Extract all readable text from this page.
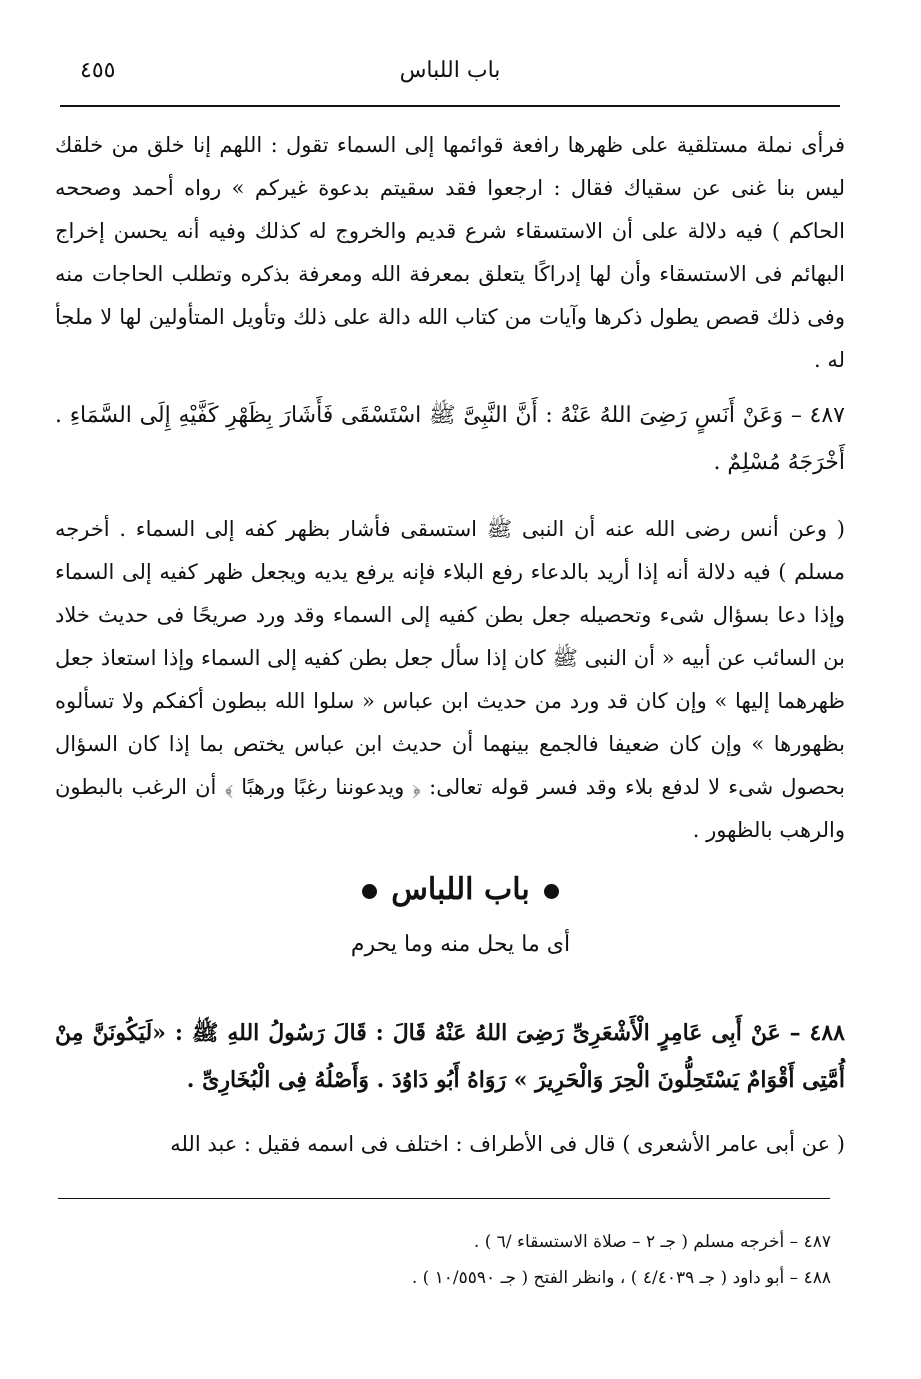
٤٥٥	باب اللباس
فرأى نملة مستلقية على ظهرها رافعة قوائمها إلى السماء تقول : اللهم إنا خلق من خلقك ليس بنا غنى عن سقياك فقال : ارجعوا فقد سقيتم بدعوة غيركم » رواه أحمد وصححه الحاكم ) فيه دلالة على أن الاستسقاء شرع قديم والخروج له كذلك وفيه أنه يحسن إخراج البهائم فى الاستسقاء وأن لها إدراكًا يتعلق بمعرفة الله ومعرفة بذكره وتطلب الحاجات منه وفى ذلك قصص يطول ذكرها وآيات من كتاب الله دالة على ذلك وتأويل المتأولين لها لا ملجأ له .
٤٨٧ – وَعَنْ أَنَسٍ رَضِىَ اللهُ عَنْهُ : أَنَّ النَّبِىَّ ﷺ اسْتَسْقَى فَأَشَارَ بِظَهْرِ كَفَّيْهِ إِلَى السَّمَاءِ . أَخْرَجَهُ مُسْلِمٌ .
( وعن أنس رضى الله عنه أن النبى ﷺ استسقى فأشار بظهر كفه إلى السماء . أخرجه مسلم ) فيه دلالة أنه إذا أريد بالدعاء رفع البلاء فإنه يرفع يديه ويجعل ظهر كفيه إلى السماء وإذا دعا بسؤال شىء وتحصيله جعل بطن كفيه إلى السماء وقد ورد صريحًا فى حديث خلاد بن السائب عن أبيه « أن النبى ﷺ كان إذا سأل جعل بطن كفيه إلى السماء وإذا استعاذ جعل ظهرهما إليها » وإن كان قد ورد من حديث ابن عباس « سلوا الله ببطون أكفكم ولا تسألوه بظهورها » وإن كان ضعيفا فالجمع بينهما أن حديث ابن عباس يختص بما إذا كان السؤال بحصول شىء لا لدفع بلاء وقد فسر قوله تعالى: ﴿ ويدعوننا رغبًا ورهبًا ﴾ أن الرغب بالبطون والرهب بالظهور .
باب اللباس
أى ما يحل منه وما يحرم
٤٨٨ – عَنْ أَبِى عَامِرٍ الْأَشْعَرِىِّ رَضِىَ اللهُ عَنْهُ قَالَ : قَالَ رَسُولُ اللهِ ﷺ : «لَيَكُونَنَّ مِنْ أُمَّتِى أَقْوَامٌ يَسْتَحِلُّونَ الْحِرَ وَالْحَرِيرَ » رَوَاهُ أَبُو دَاوُدَ . وَأَصْلُهُ فِى الْبُخَارِىِّ .
( عن أبى عامر الأشعرى ) قال فى الأطراف : اختلف فى اسمه فقيل : عبد الله
٤٨٧ – أخرجه مسلم ( جـ ٢ – صلاة الاستسقاء /٦ ) .
٤٨٨ – أبو داود ( جـ ٤/٤٠٣٩ ) ، وانظر الفتح ( جـ ١٠/٥٥٩٠ ) .
